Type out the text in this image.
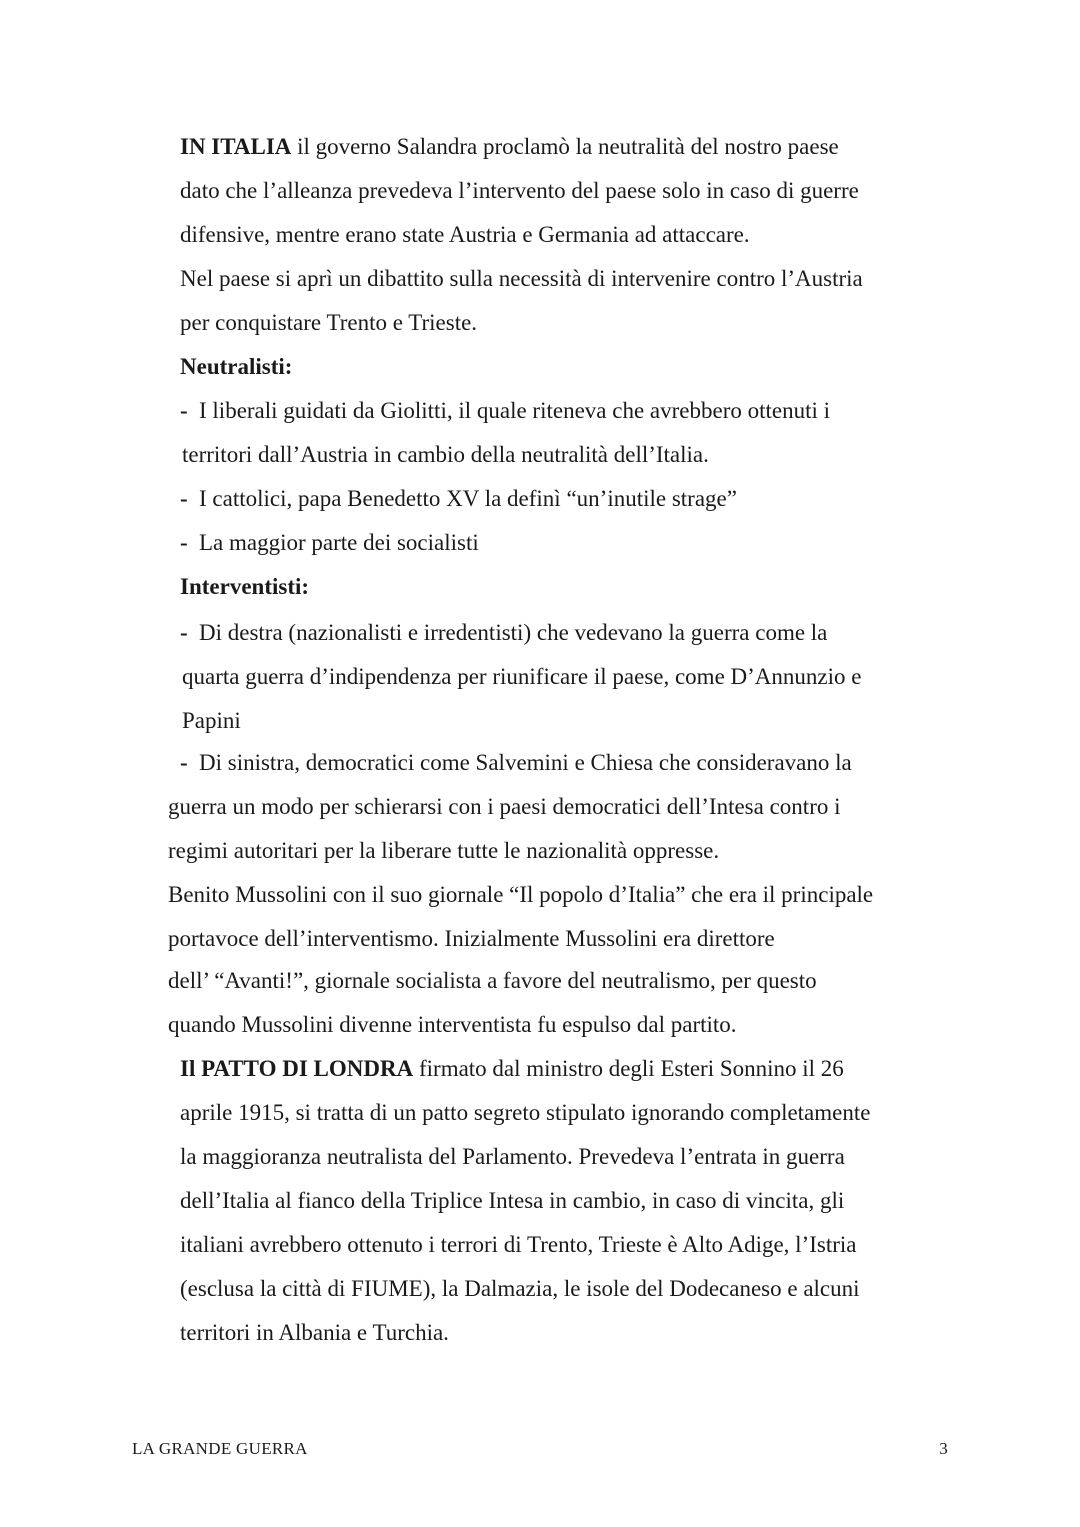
IN ITALIA il governo Salandra proclamò la neutralità del nostro paese
dato che l’alleanza prevedeva l’intervento del paese solo in caso di guerre
difensive, mentre erano state Austria e Germania ad attaccare.
Nel paese si aprì un dibattito sulla necessità di intervenire contro l’Austria
per conquistare Trento e Trieste.
Neutralisti:
- I liberali guidati da Giolitti, il quale riteneva che avrebbero ottenuti i
territori dall’Austria in cambio della neutralità dell’Italia.
- I cattolici, papa Benedetto XV la definì “un’inutile strage”
- La maggior parte dei socialisti
Interventisti:
- Di destra (nazionalisti e irredentisti) che vedevano la guerra come la
quarta guerra d’indipendenza per riunificare il paese, come D’Annunzio e
Papini
- Di sinistra, democratici come Salvemini e Chiesa che consideravano la
guerra un modo per schierarsi con i paesi democratici dell’Intesa contro i
regimi autoritari per la liberare tutte le nazionalità oppresse.
Benito Mussolini con il suo giornale “Il popolo d’Italia” che era il principale
portavoce dell’interventismo. Inizialmente Mussolini era direttore
dell’ “Avanti!”, giornale socialista a favore del neutralismo, per questo
quando Mussolini divenne interventista fu espulso dal partito.
Il PATTO DI LONDRA firmato dal ministro degli Esteri Sonnino il 26
aprile 1915, si tratta di un patto segreto stipulato ignorando completamente
la maggioranza neutralista del Parlamento. Prevedeva l’entrata in guerra
dell’Italia al fianco della Triplice Intesa in cambio, in caso di vincita, gli
italiani avrebbero ottenuto i terrori di Trento, Trieste è Alto Adige, l’Istria
(esclusa la città di FIUME), la Dalmazia, le isole del Dodecaneso e alcuni
territori in Albania e Turchia.
LA GRANDE GUERRA	3
